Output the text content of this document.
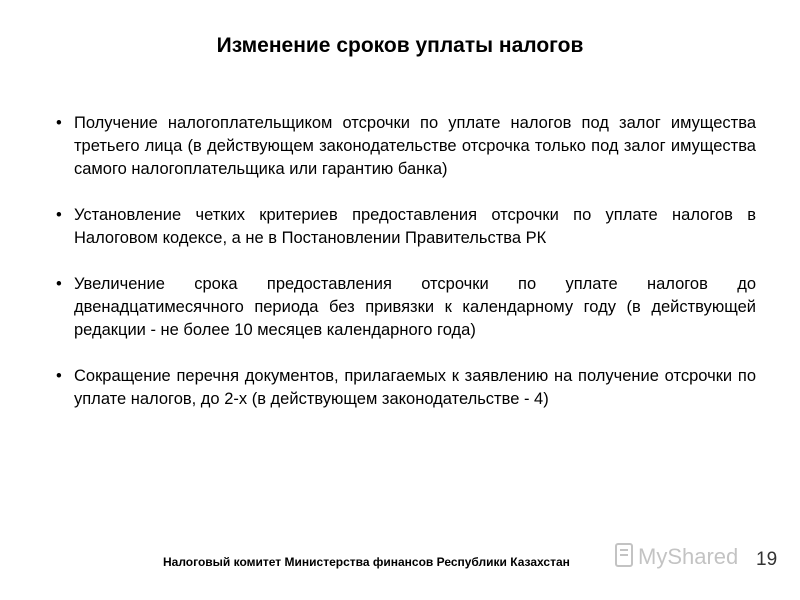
Изменение сроков уплаты налогов
• Получение налогоплательщиком отсрочки по уплате налогов под залог имущества третьего лица (в действующем законодательстве отсрочка только под залог имущества самого налогоплательщика или гарантию банка)
• Установление четких критериев предоставления отсрочки по уплате налогов в Налоговом кодексе, а не в Постановлении Правительства РК
• Увеличение срока предоставления отсрочки по уплате налогов до двенадцатимесячного периода без привязки к календарному году (в действующей редакции - не более 10 месяцев календарного года)
• Сокращение перечня документов, прилагаемых к заявлению на получение отсрочки по уплате налогов, до 2-х (в действующем законодательстве - 4)
MyShared
Налоговый комитет Министерства финансов Республики Казахстан	19
